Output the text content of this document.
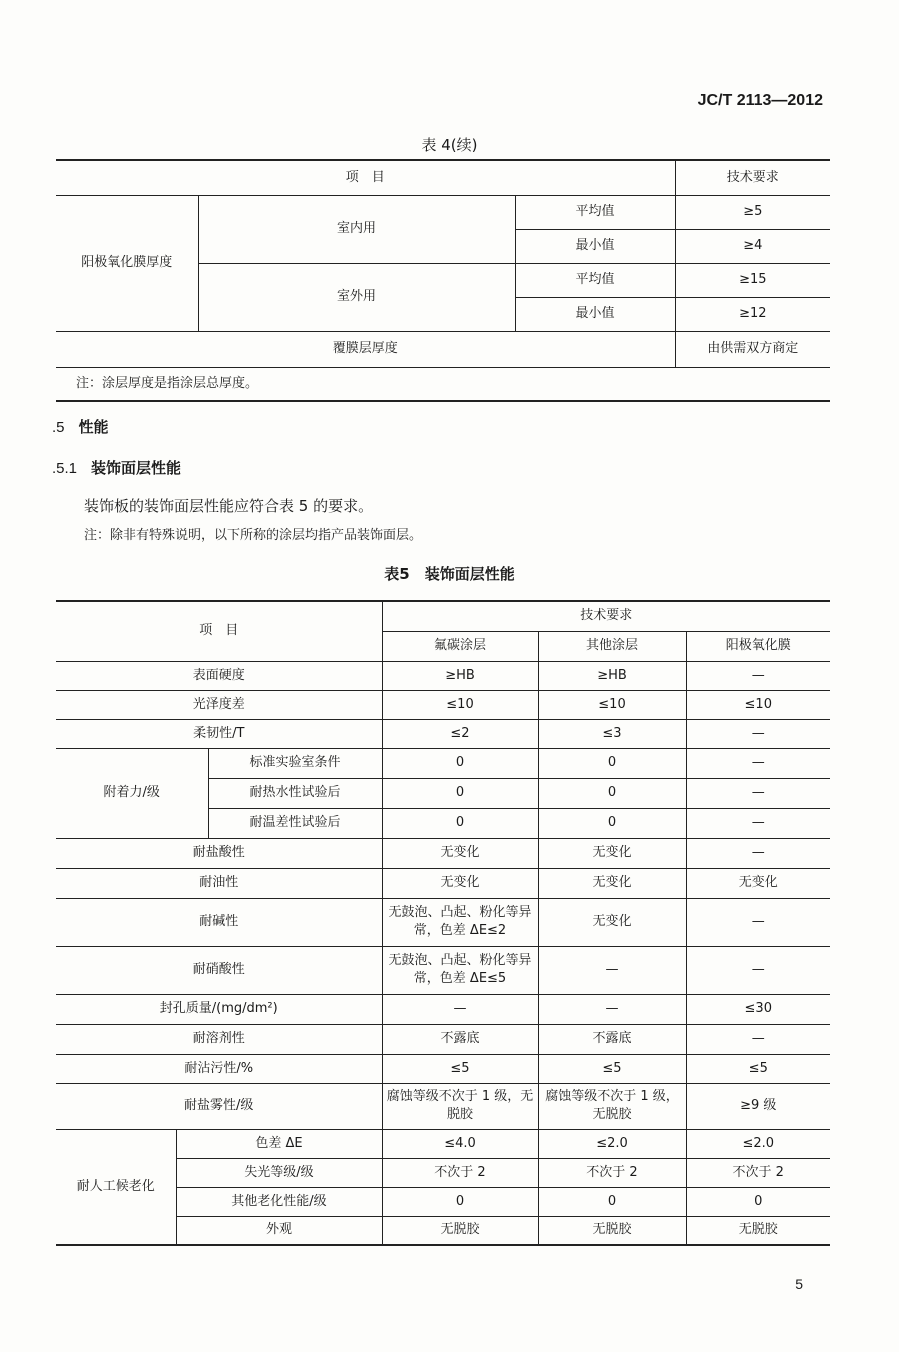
JC/T 2113—2012
表 4(续)
项　目			技术要求
阳极氧化膜厚度	室内用	平均值	≥5
		最小值	≥4
	室外用	平均值	≥15
		最小值	≥12
覆膜层厚度			由供需双方商定
注：涂层厚度是指涂层总厚度。			
.5 性能
.5.1 装饰面层性能
装饰板的装饰面层性能应符合表 5 的要求。
注：除非有特殊说明，以下所称的涂层均指产品装饰面层。
表5　装饰面层性能
项　目			技术要求		
			氟碳涂层	其他涂层	阳极氧化膜
表面硬度			≥HB	≥HB	—
光泽度差			≤10	≤10	≤10
柔韧性/T			≤2	≤3	—
附着力/级		标准实验室条件	0	0	—
		耐热水性试验后	0	0	—
		耐温差性试验后	0	0	—
耐盐酸性			无变化	无变化	—
耐油性			无变化	无变化	无变化
耐碱性			无鼓泡、凸起、粉化等异常，色差 ΔE≤2	无变化	—
耐硝酸性			无鼓泡、凸起、粉化等异常，色差 ΔE≤5	—	—
封孔质量/(mg/dm²)			—	—	≤30
耐溶剂性			不露底	不露底	—
耐沾污性/%			≤5	≤5	≤5
耐盐雾性/级			腐蚀等级不次于 1 级，无脱胶	腐蚀等级不次于 1 级，无脱胶	≥9 级
耐人工候老化	色差 ΔE		≤4.0	≤2.0	≤2.0
	失光等级/级		不次于 2	不次于 2	不次于 2
	其他老化性能/级		0	0	0
	外观		无脱胶	无脱胶	无脱胶
5
